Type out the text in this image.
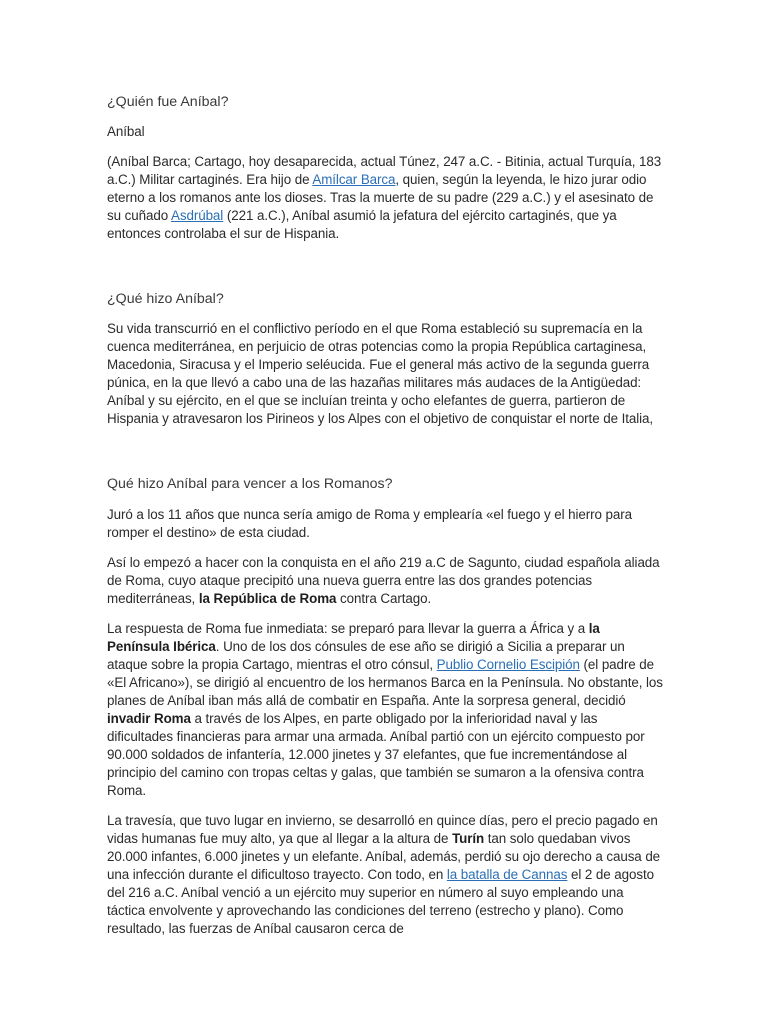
¿Quién fue Aníbal?

Aníbal

(Aníbal Barca; Cartago, hoy desaparecida, actual Túnez, 247 a.C. - Bitinia, actual Turquía, 183 a.C.) Militar cartaginés. Era hijo de Amílcar Barca, quien, según la leyenda, le hizo jurar odio eterno a los romanos ante los dioses. Tras la muerte de su padre (229 a.C.) y el asesinato de su cuñado Asdrúbal (221 a.C.), Aníbal asumió la jefatura del ejército cartaginés, que ya entonces controlaba el sur de Hispania.

¿Qué hizo Aníbal?

Su vida transcurrió en el conflictivo período en el que Roma estableció su supremacía en la cuenca mediterránea, en perjuicio de otras potencias como la propia República cartaginesa, Macedonia, Siracusa y el Imperio seléucida. Fue el general más activo de la segunda guerra púnica, en la que llevó a cabo una de las hazañas militares más audaces de la Antigüedad: Aníbal y su ejército, en el que se incluían treinta y ocho elefantes de guerra, partieron de Hispania y atravesaron los Pirineos y los Alpes con el objetivo de conquistar el norte de Italia,

Qué hizo Aníbal para vencer a los Romanos?

Juró a los 11 años que nunca sería amigo de Roma y emplearía «el fuego y el hierro para romper el destino» de esta ciudad.

Así lo empezó a hacer con la conquista en el año 219 a.C de Sagunto, ciudad española aliada de Roma, cuyo ataque precipitó una nueva guerra entre las dos grandes potencias mediterráneas, la República de Roma contra Cartago.

La respuesta de Roma fue inmediata: se preparó para llevar la guerra a África y a la Península Ibérica. Uno de los dos cónsules de ese año se dirigió a Sicilia a preparar un ataque sobre la propia Cartago, mientras el otro cónsul, Publio Cornelio Escipión (el padre de «El Africano»), se dirigió al encuentro de los hermanos Barca en la Península. No obstante, los planes de Aníbal iban más allá de combatir en España. Ante la sorpresa general, decidió invadir Roma a través de los Alpes, en parte obligado por la inferioridad naval y las dificultades financieras para armar una armada. Aníbal partió con un ejército compuesto por 90.000 soldados de infantería, 12.000 jinetes y 37 elefantes, que fue incrementándose al principio del camino con tropas celtas y galas, que también se sumaron a la ofensiva contra Roma.

La travesía, que tuvo lugar en invierno, se desarrolló en quince días, pero el precio pagado en vidas humanas fue muy alto, ya que al llegar a la altura de Turín tan solo quedaban vivos 20.000 infantes, 6.000 jinetes y un elefante. Aníbal, además, perdió su ojo derecho a causa de una infección durante el dificultoso trayecto. Con todo, en la batalla de Cannas el 2 de agosto del 216 a.C. Aníbal venció a un ejército muy superior en número al suyo empleando una táctica envolvente y aprovechando las condiciones del terreno (estrecho y plano). Como resultado, las fuerzas de Aníbal causaron cerca de
